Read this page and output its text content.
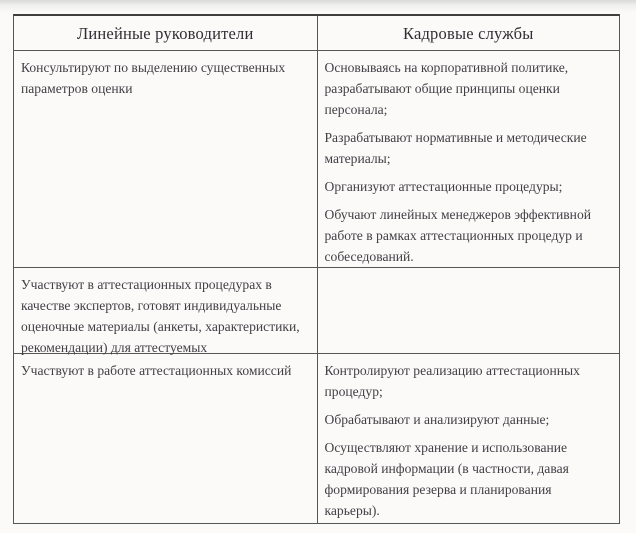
Линейные руководители	Кадровые службы

Консультируют по выделению существенных параметров оценки

Основываясь на корпоративной политике, разрабатывают общие принципы оценки персонала;

Разрабатывают нормативные и методические материалы;

Организуют аттестационные процедуры;

Обучают линейных менеджеров эффективной работе в рамках аттестационных процедур и собеседований.

Участвуют в аттестационных процедурах в качестве экспертов, готовят индивидуальные оценочные материалы (анкеты, характеристики, рекомендации) для аттестуемых

Участвуют в работе аттестационных комиссий	Контролируют реализацию аттестационных процедур;

Обрабатывают и анализируют данные;

Осуществляют хранение и использование кадровой информации (в частности, давая формирования резерва и планирования карьеры).
